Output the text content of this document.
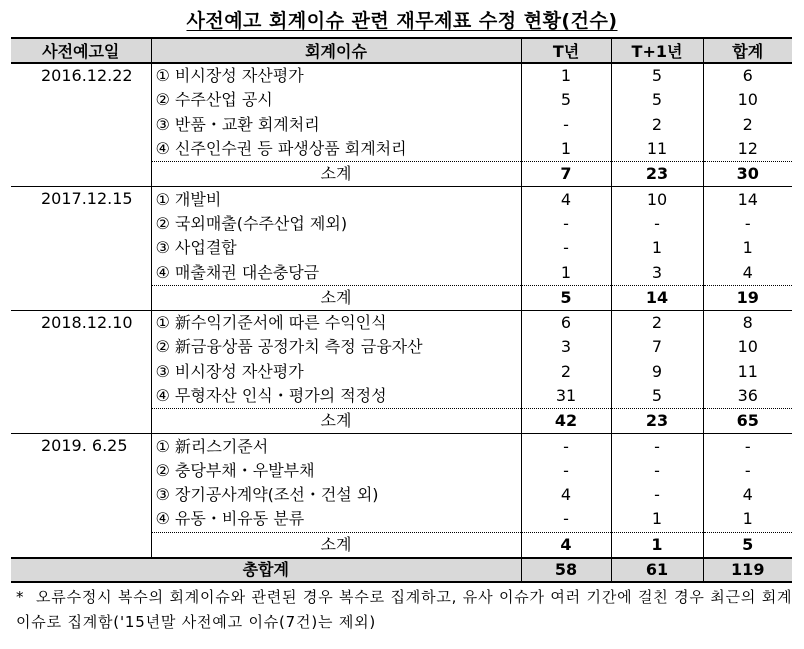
사전예고 회계이슈 관련 재무제표 수정 현황(건수)
사전예고일	회계이슈	T년	T+1년	합계
2016.12.22	① 비시장성 자산평가	1	5	6
	② 수주산업 공시	5	5	10
	③ 반품・교환 회계처리	-	2	2
	④ 신주인수권 등 파생상품 회계처리	1	11	12
	소계	7	23	30
2017.12.15	① 개발비	4	10	14
	② 국외매출(수주산업 제외)	-	-	-
	③ 사업결합	-	1	1
	④ 매출채권 대손충당금	1	3	4
	소계	5	14	19
2018.12.10	① 新수익기준서에 따른 수익인식	6	2	8
	② 新금융상품 공정가치 측정 금융자산	3	7	10
	③ 비시장성 자산평가	2	9	11
	④ 무형자산 인식・평가의 적정성	31	5	36
	소계	42	23	65
2019. 6.25	① 新리스기준서	-	-	-
	② 충당부채・우발부채	-	-	-
	③ 장기공사계약(조선・건설 외)	4	-	4
	④ 유동・비유동 분류	-	1	1
	소계	4	1	5
총합계		58	61	119
* 오류수정시 복수의 회계이슈와 관련된 경우 복수로 집계하고, 유사 이슈가 여러 기간에 걸친 경우 최근의 회계이슈로 집계함('15년말 사전예고 이슈(7건)는 제외)
